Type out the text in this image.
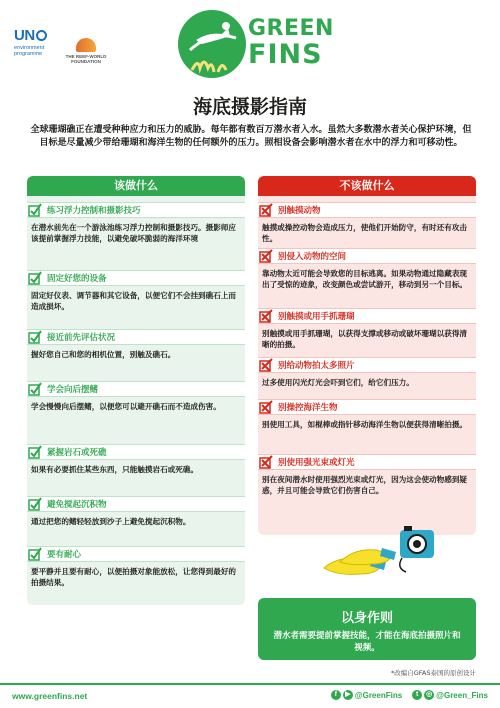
UN
environment programme	THE REEF-WORLD FOUNDATION
GREEN
FINS
海底摄影指南
全球珊瑚礁正在遭受种种应力和压力的威胁。每年都有数百万潜水者入水。虽然大多数潜水者关心保护环境，但目标是尽量减少带给珊瑚和海洋生物的任何额外的压力。照相设备会影响潜水者在水中的浮力和可移动性。
该做什么
练习浮力控制和摄影技巧
在潜水前先在一个游泳池练习浮力控制和摄影技巧。摄影师应该提前掌握浮力技能，以避免破坏脆弱的海洋环境
固定好您的设备
固定好仪表、调节器和其它设备，以便它们不会挂到礁石上而造成损坏。
接近前先评估状况
握好您自己和您的相机位置，别触及礁石。
学会向后摆鳍
学会慢慢向后摆鳍，以便您可以避开礁石而不造成伤害。
紧握岩石或死礁
如果有必要抓住某些东西，只能触摸岩石或死礁。
避免搅起沉积物
通过把您的鳍轻轻放到沙子上避免搅起沉积物。
要有耐心
要平静并且要有耐心，以便拍摄对象能放松，让您得到最好的拍摄结果。
不该做什么
别触摸动物
触摸或操控动物会造成压力，使他们开始防守，有时还有攻击性。
别侵入动物的空间
靠动物太近可能会导致您的目标逃离。如果动物通过隐藏表现出了受惊的迹象，改变颜色或尝试游开，移动到另一个目标。
别触摸或用手抓珊瑚
别触摸或用手抓珊瑚，以获得支撑或移动或破坏珊瑚以获得清晰的拍摄。
别给动物拍太多照片
过多使用闪光灯光会吓到它们，给它们压力。
别操控海洋生物
别使用工具，如棍棒或指针移动海洋生物以便获得清晰拍摄。
别使用强光束或灯光
别在夜间潜水时使用强烈光束或灯光，因为这会使动物感到疑惑，并且可能会导致它们伤害自己。
以身作则
潜水者需要提前掌握技能，才能在海底拍摄照片和视频。
*改编自GFAS泰国的原创设计
www.greenfins.net	f	▶ @GreenFins	t	◎ @Green_Fins
